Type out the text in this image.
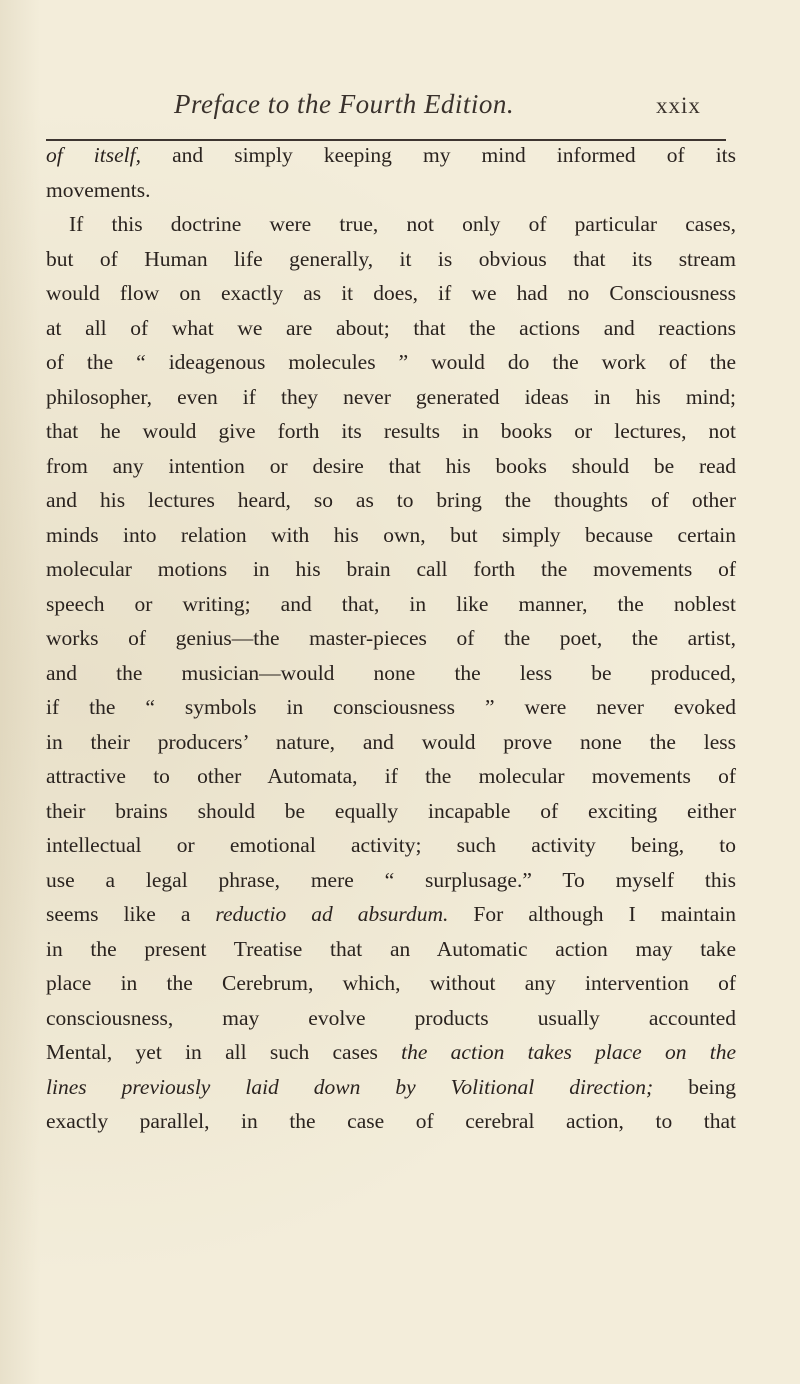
Preface to the Fourth Edition.	xxix
of itself, and simply keeping my mind informed of its
movements.
If this doctrine were true, not only of particular cases,
but of Human life generally, it is obvious that its stream
would flow on exactly as it does, if we had no Consciousness
at all of what we are about; that the actions and reactions
of the “ ideagenous molecules ” would do the work of the
philosopher, even if they never generated ideas in his mind;
that he would give forth its results in books or lectures, not
from any intention or desire that his books should be read
and his lectures heard, so as to bring the thoughts of other
minds into relation with his own, but simply because certain
molecular motions in his brain call forth the movements of
speech or writing; and that, in like manner, the noblest
works of genius—the master-pieces of the poet, the artist,
and the musician—would none the less be produced,
if the “ symbols in consciousness ” were never evoked
in their producers’ nature, and would prove none the less
attractive to other Automata, if the molecular movements of
their brains should be equally incapable of exciting either
intellectual or emotional activity; such activity being, to
use a legal phrase, mere “ surplusage.” To myself this
seems like a reductio ad absurdum. For although I maintain
in the present Treatise that an Automatic action may take
place in the Cerebrum, which, without any intervention of
consciousness, may evolve products usually accounted
Mental, yet in all such cases the action takes place on the
lines previously laid down by Volitional direction; being
exactly parallel, in the case of cerebral action, to that
